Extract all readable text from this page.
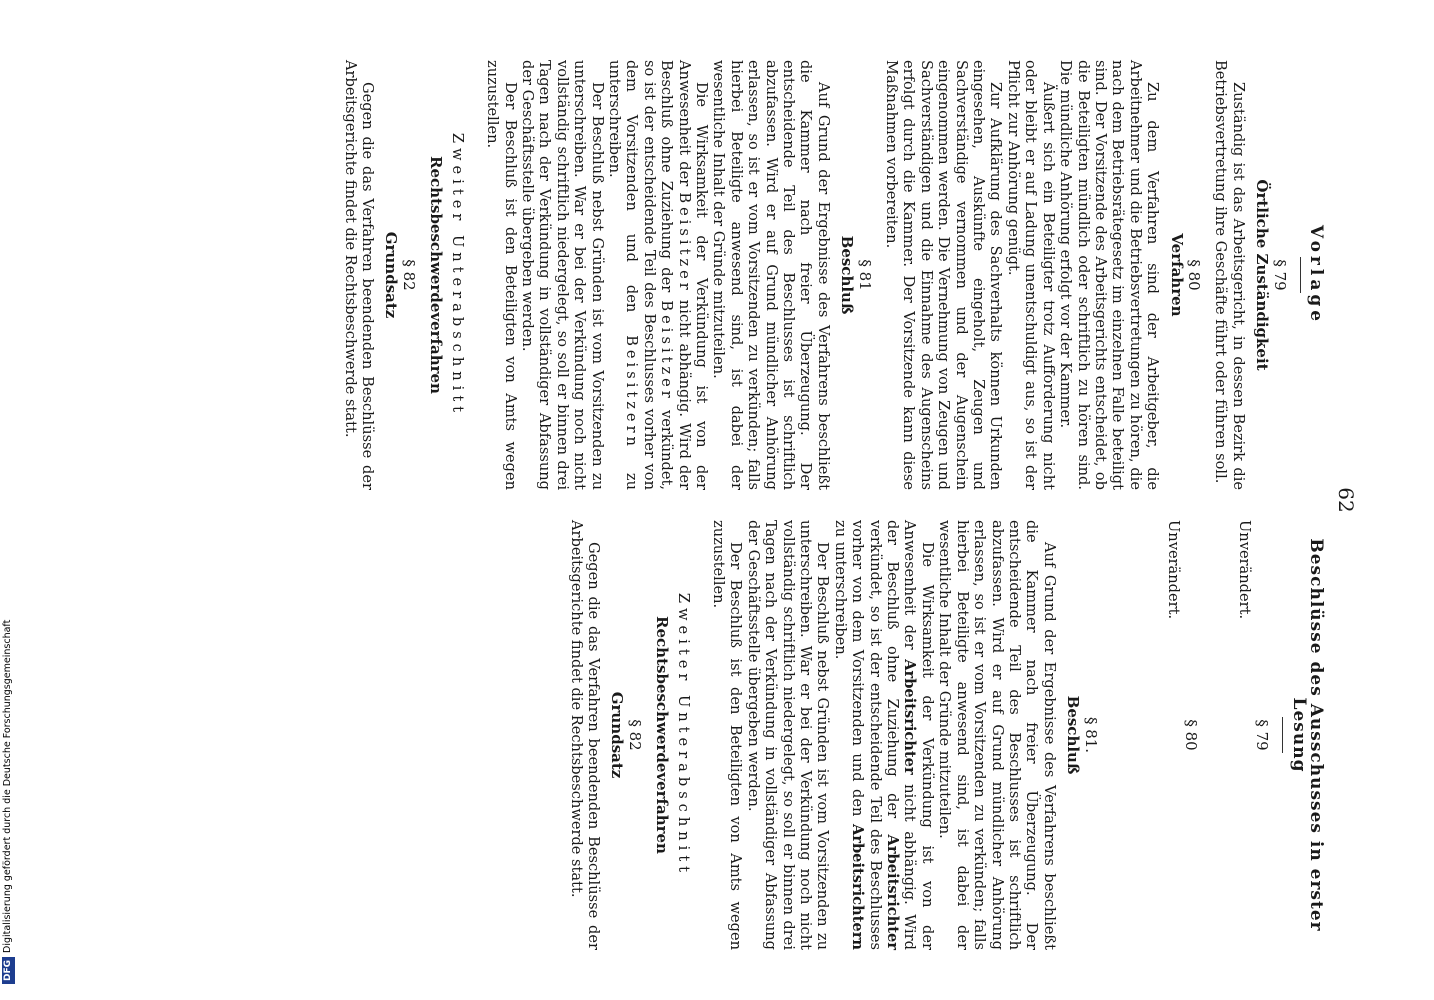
62
Vorlage
§ 79
Örtliche Zuständigkeit

Zuständig ist das Arbeitsgericht, in dessen Bezirk die Betriebsvertretung ihre Geschäfte führt oder führen soll.

§ 80
Verfahren

Zu dem Verfahren sind der Arbeitgeber, die Arbeitnehmer und die Betriebsvertretungen zu hören, die nach dem Betriebsrätegesetz im einzelnen Falle beteiligt sind. Der Vorsitzende des Arbeitsgerichts entscheidet, ob die Beteiligten mündlich oder schriftlich zu hören sind. Die mündliche Anhörung erfolgt vor der Kammer.

Äußert sich ein Beteiligter trotz Aufforderung nicht oder bleibt er auf Ladung unentschuldigt aus, so ist der Pflicht zur Anhörung genügt.

Zur Aufklärung des Sachverhalts können Urkunden eingesehen, Auskünfte eingeholt, Zeugen und Sachverständige vernommen und der Augenschein eingenommen werden. Die Vernehmung von Zeugen und Sachverständigen und die Einnahme des Augenscheins erfolgt durch die Kammer. Der Vorsitzende kann diese Maßnahmen vorbereiten.

§ 81
Beschluß

Auf Grund der Ergebnisse des Verfahrens beschließt die Kammer nach freier Überzeugung. Der entscheidende Teil des Beschlusses ist schriftlich abzufassen. Wird er auf Grund mündlicher Anhörung erlassen, so ist er vom Vorsitzenden zu verkünden; falls hierbei Beteiligte anwesend sind, ist dabei der wesentliche Inhalt der Gründe mitzuteilen.

Die Wirksamkeit der Verkündung ist von der Anwesenheit der Beisitzer nicht abhängig. Wird der Beschluß ohne Zuziehung der Beisitzer verkündet, so ist der entscheidende Teil des Beschlusses vorher von dem Vorsitzenden und den Beisitzern zu unterschreiben.

Der Beschluß nebst Gründen ist vom Vorsitzenden zu unterschreiben. War er bei der Verkündung noch nicht vollständig schriftlich niedergelegt, so soll er binnen drei Tagen nach der Verkündung in vollständiger Abfassung der Geschäftsstelle übergeben werden.

Der Beschluß ist den Beteiligten von Amts wegen zuzustellen.

Zweiter Unterabschnitt
Rechtsbeschwerdeverfahren
§ 82
Grundsatz

Gegen die das Verfahren beendenden Beschlüsse der Arbeitsgerichte findet die Rechtsbeschwerde statt.

Beschlüsse des Ausschusses in erster Lesung
§ 79

Unverändert.

§ 80

Unverändert.

§ 81.
Beschluß

Auf Grund der Ergebnisse des Verfahrens beschließt die Kammer nach freier Überzeugung. Der entscheidende Teil des Beschlusses ist schriftlich abzufassen. Wird er auf Grund mündlicher Anhörung erlassen, so ist er vom Vorsitzenden zu verkünden; falls hierbei Beteiligte anwesend sind, ist dabei der wesentliche Inhalt der Gründe mitzuteilen.

Die Wirksamkeit der Verkündung ist von der Anwesenheit der Arbeitsrichter nicht abhängig. Wird der Beschluß ohne Zuziehung der Arbeitsrichter verkündet, so ist der entscheidende Teil des Beschlusses vorher von dem Vorsitzenden und den Arbeitsrichtern zu unterschreiben.

Der Beschluß nebst Gründen ist vom Vorsitzenden zu unterschreiben. War er bei der Verkündung noch nicht vollständig schriftlich niedergelegt, so soll er binnen drei Tagen nach der Verkündung in vollständiger Abfassung der Geschäftsstelle übergeben werden.

Der Beschluß ist den Beteiligten von Amts wegen zuzustellen.

Zweiter Unterabschnitt
Rechtsbeschwerdeverfahren
§ 82
Grundsatz

Gegen die das Verfahren beendenden Beschlüsse der Arbeitsgerichte findet die Rechtsbeschwerde statt.

DFGDigitalisierung gefördert durch die Deutsche Forschungsgemeinschaft
